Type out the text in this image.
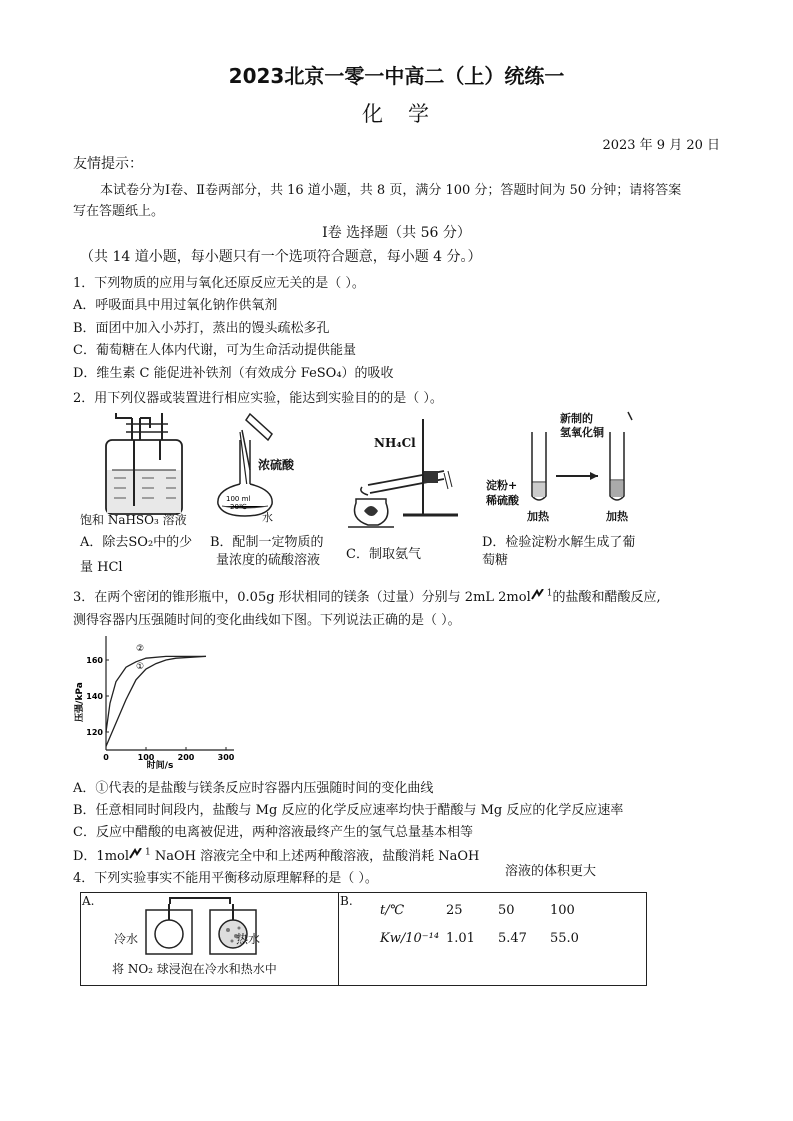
2023北京一零一中高二（上）统练一
化　学
2023 年 9 月 20 日
友情提示：
本试卷分为Ⅰ卷、Ⅱ卷两部分，共 16 道小题，共 8 页，满分 100 分；答题时间为 50 分钟；请将答案
写在答题纸上。
Ⅰ卷 选择题（共 56 分）
（共 14 道小题，每小题只有一个选项符合题意，每小题 4 分。）
1．下列物质的应用与氧化还原反应无关的是（ ）。
A．呼吸面具中用过氧化钠作供氧剂
B．面团中加入小苏打，蒸出的馒头疏松多孔
C．葡萄糖在人体内代谢，可为生命活动提供能量
D．维生素 C 能促进补铁剂（有效成分 FeSO₄）的吸收
2．用下列仪器或装置进行相应实验，能达到实验目的的是（ ）。
饱和 NaHSO₃ 溶液
100 ml
20℃
浓硫酸
水
NH₄Cl
新制的
氢氧化铜
淀粉+
稀硫酸
加热	加热
A．除去SO₂中的少
量 HCl
B．配制一定物质的
量浓度的硫酸溶液 C．制取氨气
D．检验淀粉水解生成了葡
萄糖
3．在两个密闭的锥形瓶中，0.05g 形状相同的镁条（过量）分别与 2mL 2mol $^1$的盐酸和醋酸反应,
测得容器内压强随时间的变化曲线如下图。下列说法正确的是（ ）。
0	100	200	300
120
140
160
②
①
压强/kPa
时间/s
A．①代表的是盐酸与镁条反应时容器内压强随时间的变化曲线
B．任意相同时间段内，盐酸与 Mg 反应的化学反应速率均快于醋酸与 Mg 反应的化学反应速率
C．反应中醋酸的电离被促进，两种溶液最终产生的氢气总量基本相等
D．1mol $^1$ NaOH 溶液完全中和上述两种酸溶液，盐酸消耗 NaOH
溶液的体积更大
4．下列实验事实不能用平衡移动原理解释的是（ ）。
A.
冷水	热水
将 NO₂ 球浸泡在冷水和热水中
B.
t/℃	25	50	100
Kw/10⁻¹⁴	1.01	5.47	55.0
